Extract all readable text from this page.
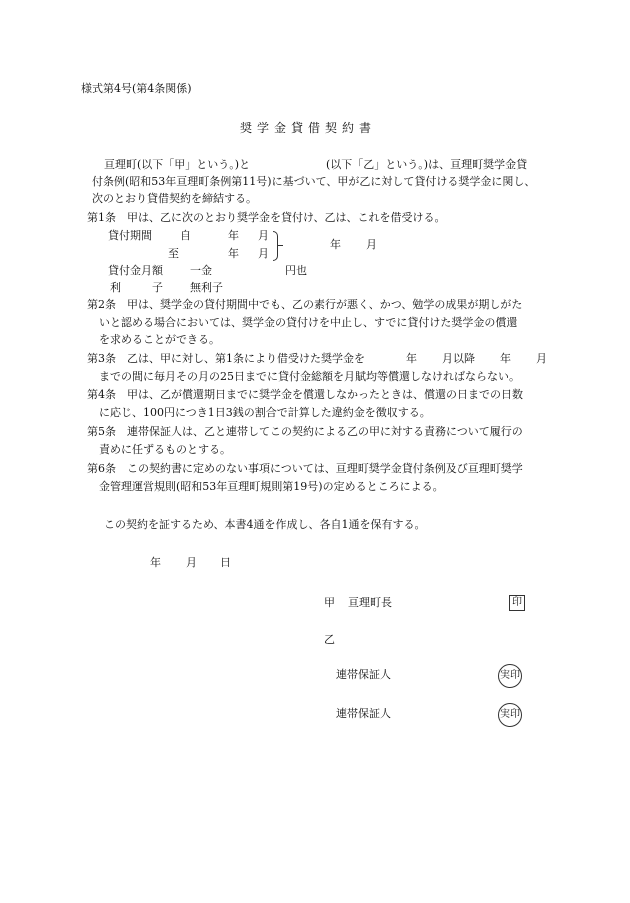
様式第4号(第4条関係)
奨学金貸借契約書
亘理町(以下「甲」という。)と	(以下「乙」という。)は、亘理町奨学金貸
付条例(昭和53年亘理町条例第11号)に基づいて、甲が乙に対して貸付ける奨学金に関し、
次のとおり貸借契約を締結する。
第1条　甲は、乙に次のとおり奨学金を貸付け、乙は、これを借受ける。
貸付期間	自	年 月
至	年 月
年 月
貸付金月額 一金	円也
利	子 無利子
第2条　甲は、奨学金の貸付期間中でも、乙の素行が悪く、かつ、勉学の成果が期しがた
いと認める場合においては、奨学金の貸付けを中止し、すでに貸付けた奨学金の償還
を求めることができる。
第3条　乙は、甲に対し、第1条により借受けた奨学金を	年 月以降 年 月
までの間に毎月その月の25日までに貸付金総額を月賦均等償還しなければならない。
第4条　甲は、乙が償還期日までに奨学金を償還しなかったときは、償還の日までの日数
に応じ、100円につき1日3銭の割合で計算した違約金を徴収する。
第5条　連帯保証人は、乙と連帯してこの契約による乙の甲に対する責務について履行の
責めに任ずるものとする。
第6条　この契約書に定めのない事項については、亘理町奨学金貸付条例及び亘理町奨学
金管理運営規則(昭和53年亘理町規則第19号)の定めるところによる。
この契約を証するため、本書4通を作成し、各自1通を保有する。
年 月 日
甲 亘理町長	印
乙
連帯保証人	実印
連帯保証人	実印
